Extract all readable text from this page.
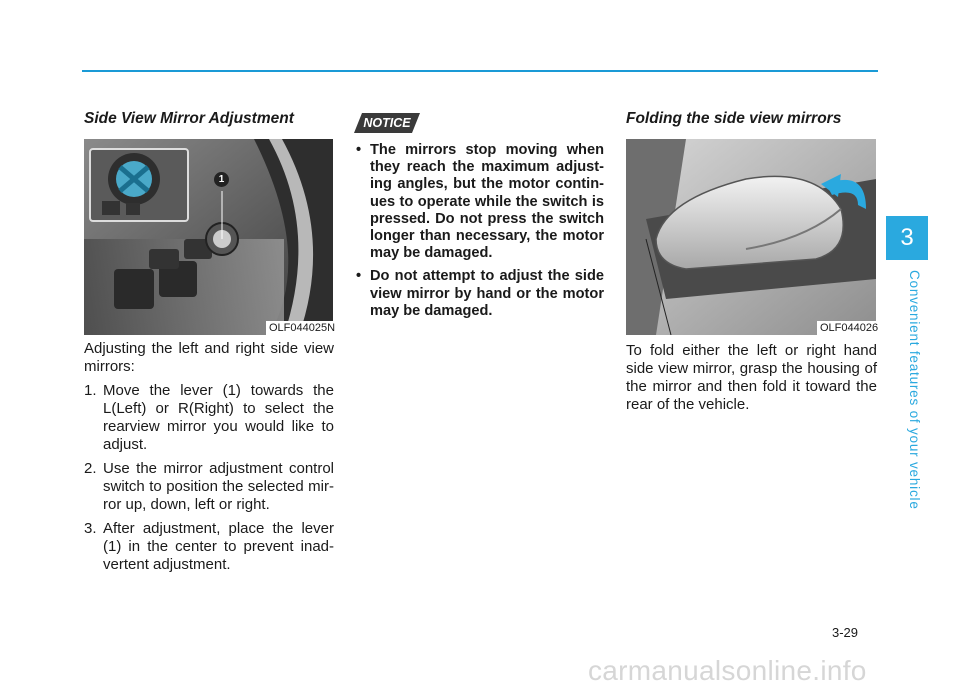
3
Convenient features of your vehicle
Side View Mirror Adjustment
1
OLF044025N

Adjusting the left and right side view mirrors:

1. Move the lever (1) towards the L(Left) or R(Right) to select the rearview mirror you would like to adjust.
2. Use the mirror adjustment control switch to position the selected mir-ror up, down, left or right.
3. After adjustment, place the lever (1) in the center to prevent inad-vertent adjustment.
NOTICE
• The mirrors stop moving when they reach the maximum adjust-ing angles, but the motor contin-ues to operate while the switch is pressed. Do not press the switch longer than necessary, the motor may be damaged.
• Do not attempt to adjust the side view mirror by hand or the motor may be damaged.
Folding the side view mirrors
OLF044026

To fold either the left or right hand side view mirror, grasp the housing of the mirror and then fold it toward the rear of the vehicle.

3-29
carmanualsonline.info
